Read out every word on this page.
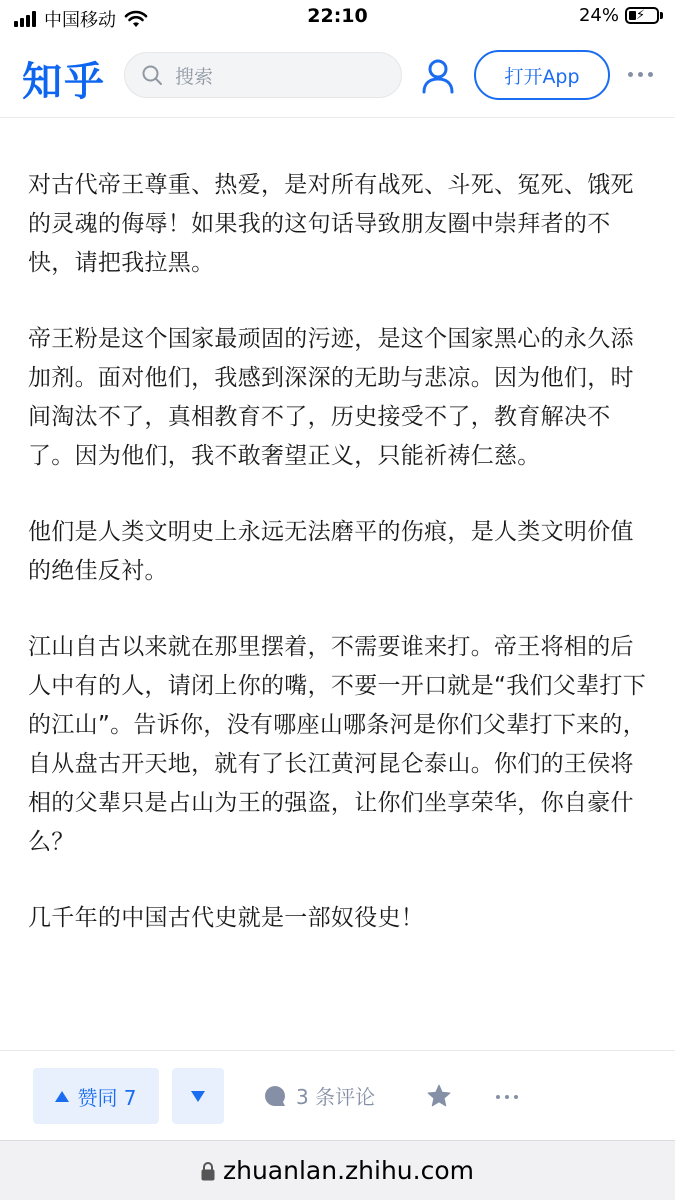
中国移动	22:10	24% ⚡
知乎	搜索	打开App

对古代帝王尊重、热爱，是对所有战死、斗死、冤死、饿死的灵魂的侮辱！如果我的这句话导致朋友圈中崇拜者的不快，请把我拉黑。

帝王粉是这个国家最顽固的污迹，是这个国家黑心的永久添加剂。面对他们，我感到深深的无助与悲凉。因为他们，时间淘汰不了，真相教育不了，历史接受不了，教育解决不了。因为他们，我不敢奢望正义，只能祈祷仁慈。

他们是人类文明史上永远无法磨平的伤痕，是人类文明价值的绝佳反衬。

江山自古以来就在那里摆着，不需要谁来打。帝王将相的后人中有的人，请闭上你的嘴，不要一开口就是“我们父辈打下的江山”。告诉你，没有哪座山哪条河是你们父辈打下来的，自从盘古开天地，就有了长江黄河昆仑泰山。你们的王侯将相的父辈只是占山为王的强盗，让你们坐享荣华，你自豪什么？

几千年的中国古代史就是一部奴役史！

赞同 7	3 条评论
zhuanlan.zhihu.com
